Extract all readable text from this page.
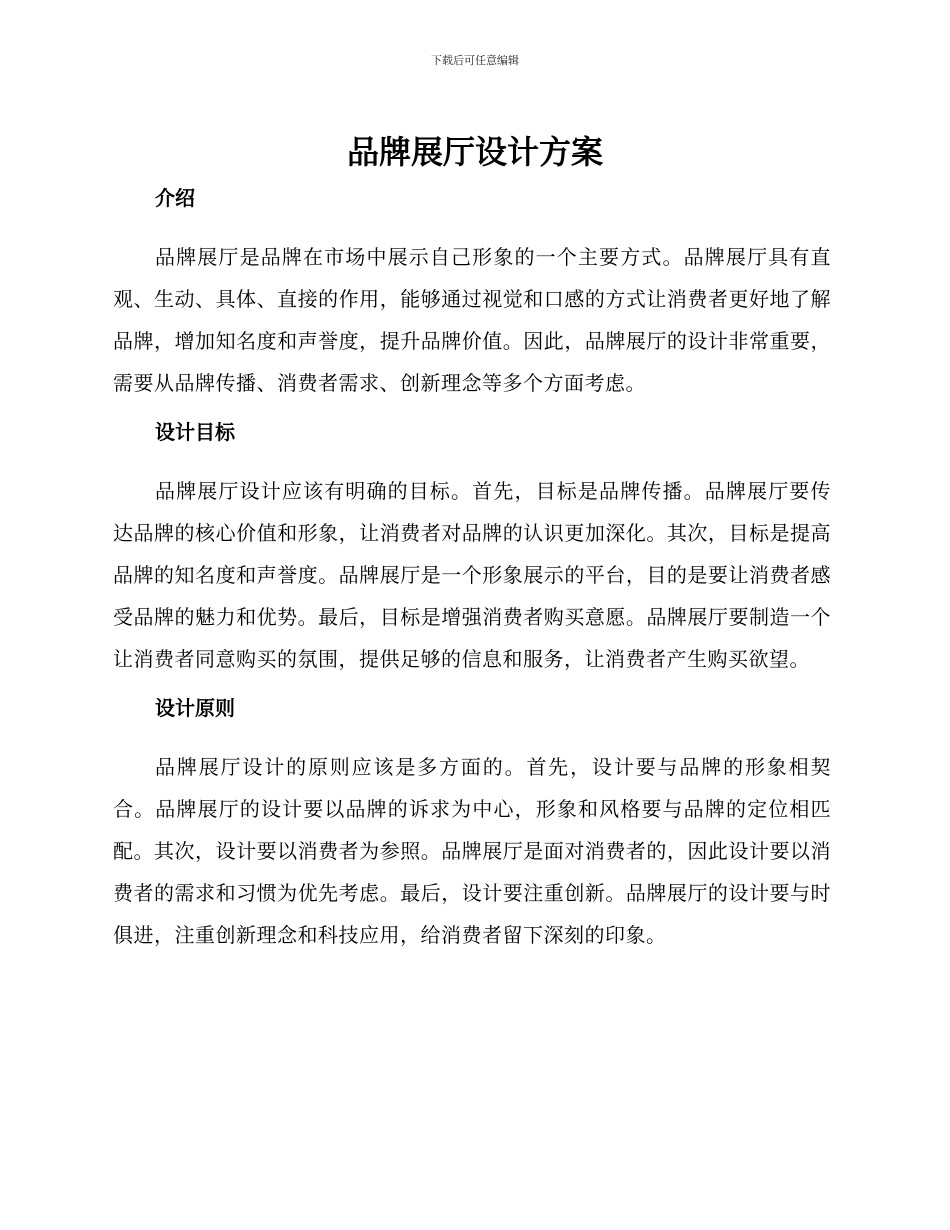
下载后可任意编辑
品牌展厅设计方案
介绍

品牌展厅是品牌在市场中展示自己形象的一个主要方式。品牌展厅具有直观、生动、具体、直接的作用，能够通过视觉和口感的方式让消费者更好地了解品牌，增加知名度和声誉度，提升品牌价值。因此，品牌展厅的设计非常重要，需要从品牌传播、消费者需求、创新理念等多个方面考虑。

设计目标

品牌展厅设计应该有明确的目标。首先，目标是品牌传播。品牌展厅要传达品牌的核心价值和形象，让消费者对品牌的认识更加深化。其次，目标是提高品牌的知名度和声誉度。品牌展厅是一个形象展示的平台，目的是要让消费者感受品牌的魅力和优势。最后，目标是增强消费者购买意愿。品牌展厅要制造一个让消费者同意购买的氛围，提供足够的信息和服务，让消费者产生购买欲望。

设计原则

品牌展厅设计的原则应该是多方面的。首先，设计要与品牌的形象相契合。品牌展厅的设计要以品牌的诉求为中心，形象和风格要与品牌的定位相匹配。其次，设计要以消费者为参照。品牌展厅是面对消费者的，因此设计要以消费者的需求和习惯为优先考虑。最后，设计要注重创新。品牌展厅的设计要与时俱进，注重创新理念和科技应用，给消费者留下深刻的印象。
